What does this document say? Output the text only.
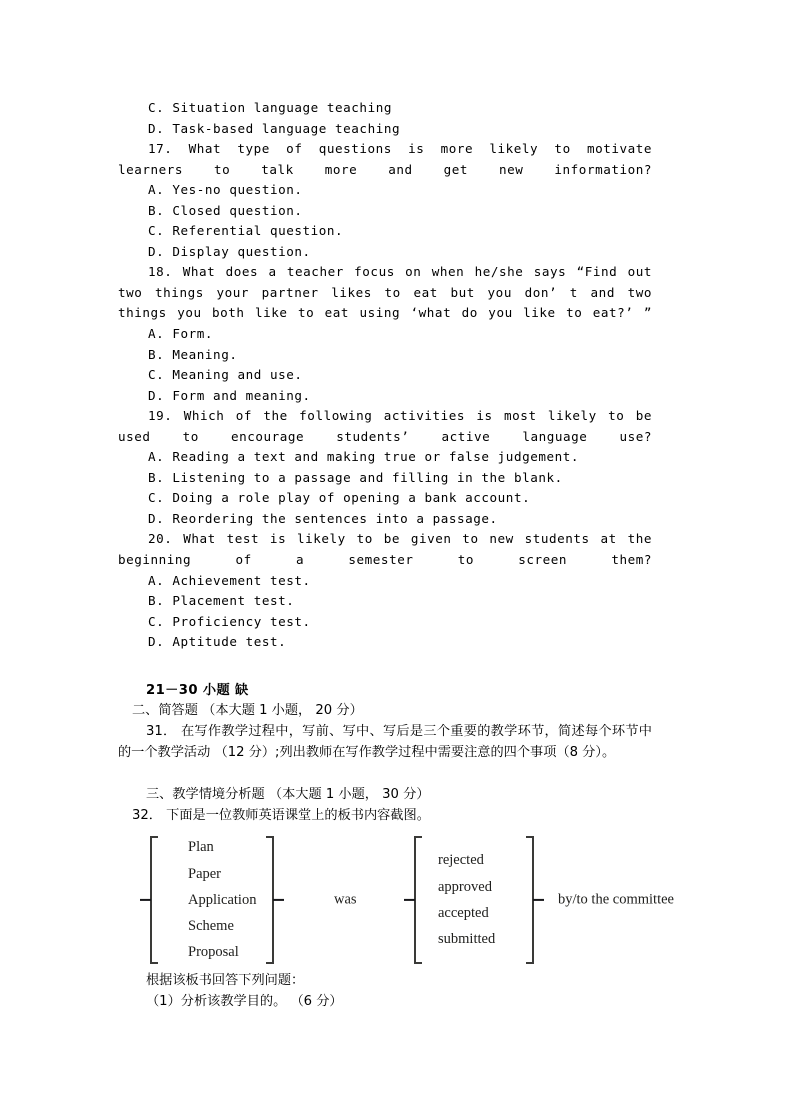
C. Situation language teaching

D. Task-based language teaching

17. What type of questions is more likely to motivate learners to talk more and get new information?

A. Yes-no question.

B. Closed question.

C. Referential question.

D. Display question.

18. What does a teacher focus on when he/she says “Find out two things your partner likes to eat but you don’ t and two things you both like to eat using ‘what do you like to eat?’ ”

A. Form.

B. Meaning.

C. Meaning and use.

D. Form and meaning.

19. Which of the following activities is most likely to be used to encourage students’ active language use?

A. Reading a text and making true or false judgement.

B. Listening to a passage and filling in the blank.

C. Doing a role play of opening a bank account.

D. Reordering the sentences into a passage.

20. What test is likely to be given to new students at the beginning of a semester to screen them?

A. Achievement test.

B. Placement test.

C. Proficiency test.

D. Aptitude test.

21－30 小题 缺

二、简答题 （本大题 1 小题， 20 分）

31． 在写作教学过程中，写前、写中、写后是三个重要的教学环节，简述每个环节中的一个教学活动 （12 分）;列出教师在写作教学过程中需要注意的四个事项（8 分）。

三、教学情境分析题 （本大题 1 小题， 30 分）

32． 下面是一位教师英语课堂上的板书内容截图。

Plan
Paper
Application
Scheme
Proposal
was
rejected
approved
accepted
submitted
by/to the committee

根据该板书回答下列问题：

（1）分析该教学目的。 （6 分）
